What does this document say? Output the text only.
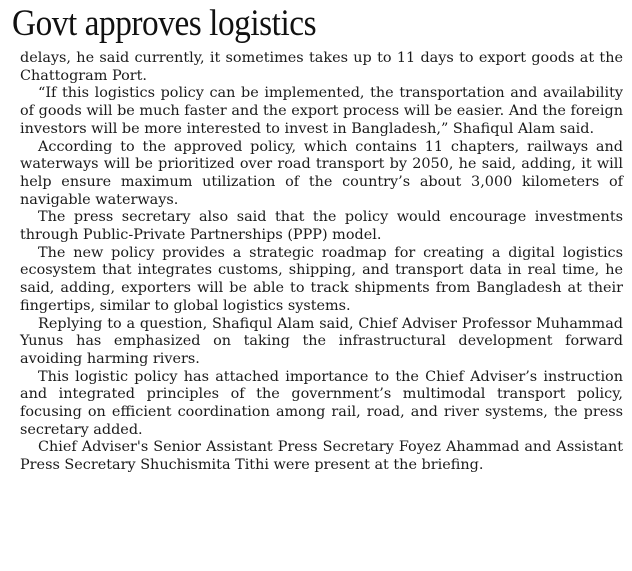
Govt approves logistics

delays, he said currently, it sometimes takes up to 11 days to export goods at the Chattogram Port.

“If this logistics policy can be implemented, the transportation and availability of goods will be much faster and the export process will be easier. And the foreign investors will be more interested to invest in Bangladesh,” Shafiqul Alam said.

According to the approved policy, which contains 11 chapters, railways and waterways will be prioritized over road transport by 2050, he said, adding, it will help ensure maximum utilization of the country’s about 3,000 kilometers of navigable waterways.

The press secretary also said that the policy would encourage investments through Public-Private Partnerships (PPP) model.

The new policy provides a strategic roadmap for creating a digital logistics ecosystem that integrates customs, shipping, and transport data in real time, he said, adding, exporters will be able to track shipments from Bangladesh at their fingertips, similar to global logistics systems.

Replying to a question, Shafiqul Alam said, Chief Adviser Professor Muhammad Yunus has emphasized on taking the infrastructural development forward avoiding harming rivers.

This logistic policy has attached importance to the Chief Adviser’s instruction and integrated principles of the government’s multimodal transport policy, focusing on efficient coordination among rail, road, and river systems, the press secretary added.

Chief Adviser's Senior Assistant Press Secretary Foyez Ahammad and Assistant Press Secretary Shuchismita Tithi were present at the briefing.
